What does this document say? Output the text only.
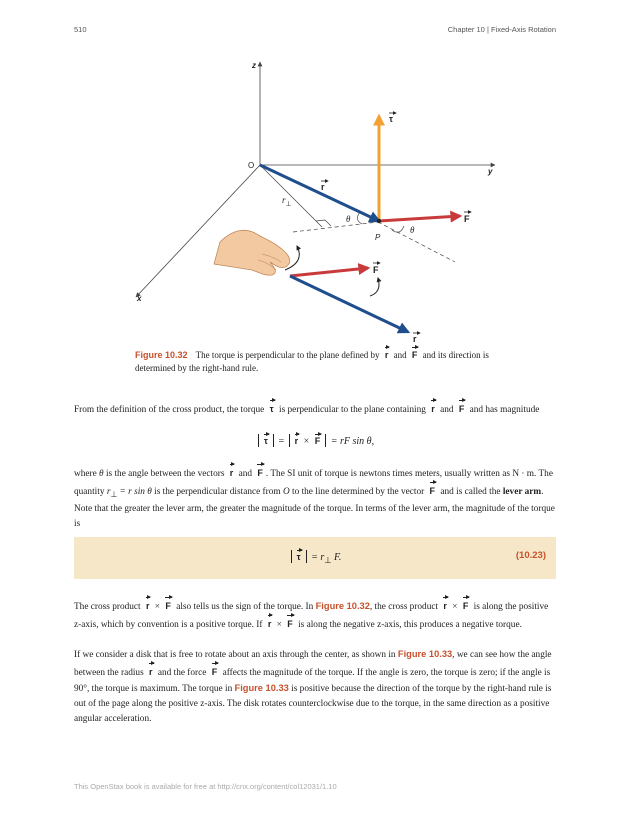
510	Chapter 10 | Fixed-Axis Rotation
z
y
x
O
τ
r
F
θ
θ
P
$r_\perp$
F
r
Figure 10.32 The torque is perpendicular to the plane defined by r and F and its direction is determined by the right-hand rule.
From the definition of the cross product, the torque τ is perpendicular to the plane containing r and F and has magnitude
τ = r × F = rF sin θ,
where θ is the angle between the vectors r and F . The SI unit of torque is newtons times meters, usually written as N · m. The quantity $r_\perp = r$ sin θ is the perpendicular distance from O to the line determined by the vector F and is called the lever arm. Note that the greater the lever arm, the greater the magnitude of the torque. In terms of the lever arm, the magnitude of the torque is
$\tau = r_\perp$ F.	(10.23)
The cross product r × F also tells us the sign of the torque. In Figure 10.32, the cross product r × F is along the positive z-axis, which by convention is a positive torque. If r × F is along the negative z-axis, this produces a negative torque.
If we consider a disk that is free to rotate about an axis through the center, as shown in Figure 10.33, we can see how the angle between the radius r and the force F affects the magnitude of the torque. If the angle is zero, the torque is zero; if the angle is 90°, the torque is maximum. The torque in Figure 10.33 is positive because the direction of the torque by the right-hand rule is out of the page along the positive z-axis. The disk rotates counterclockwise due to the torque, in the same direction as a positive angular acceleration.
This OpenStax book is available for free at http://cnx.org/content/col12031/1.10
